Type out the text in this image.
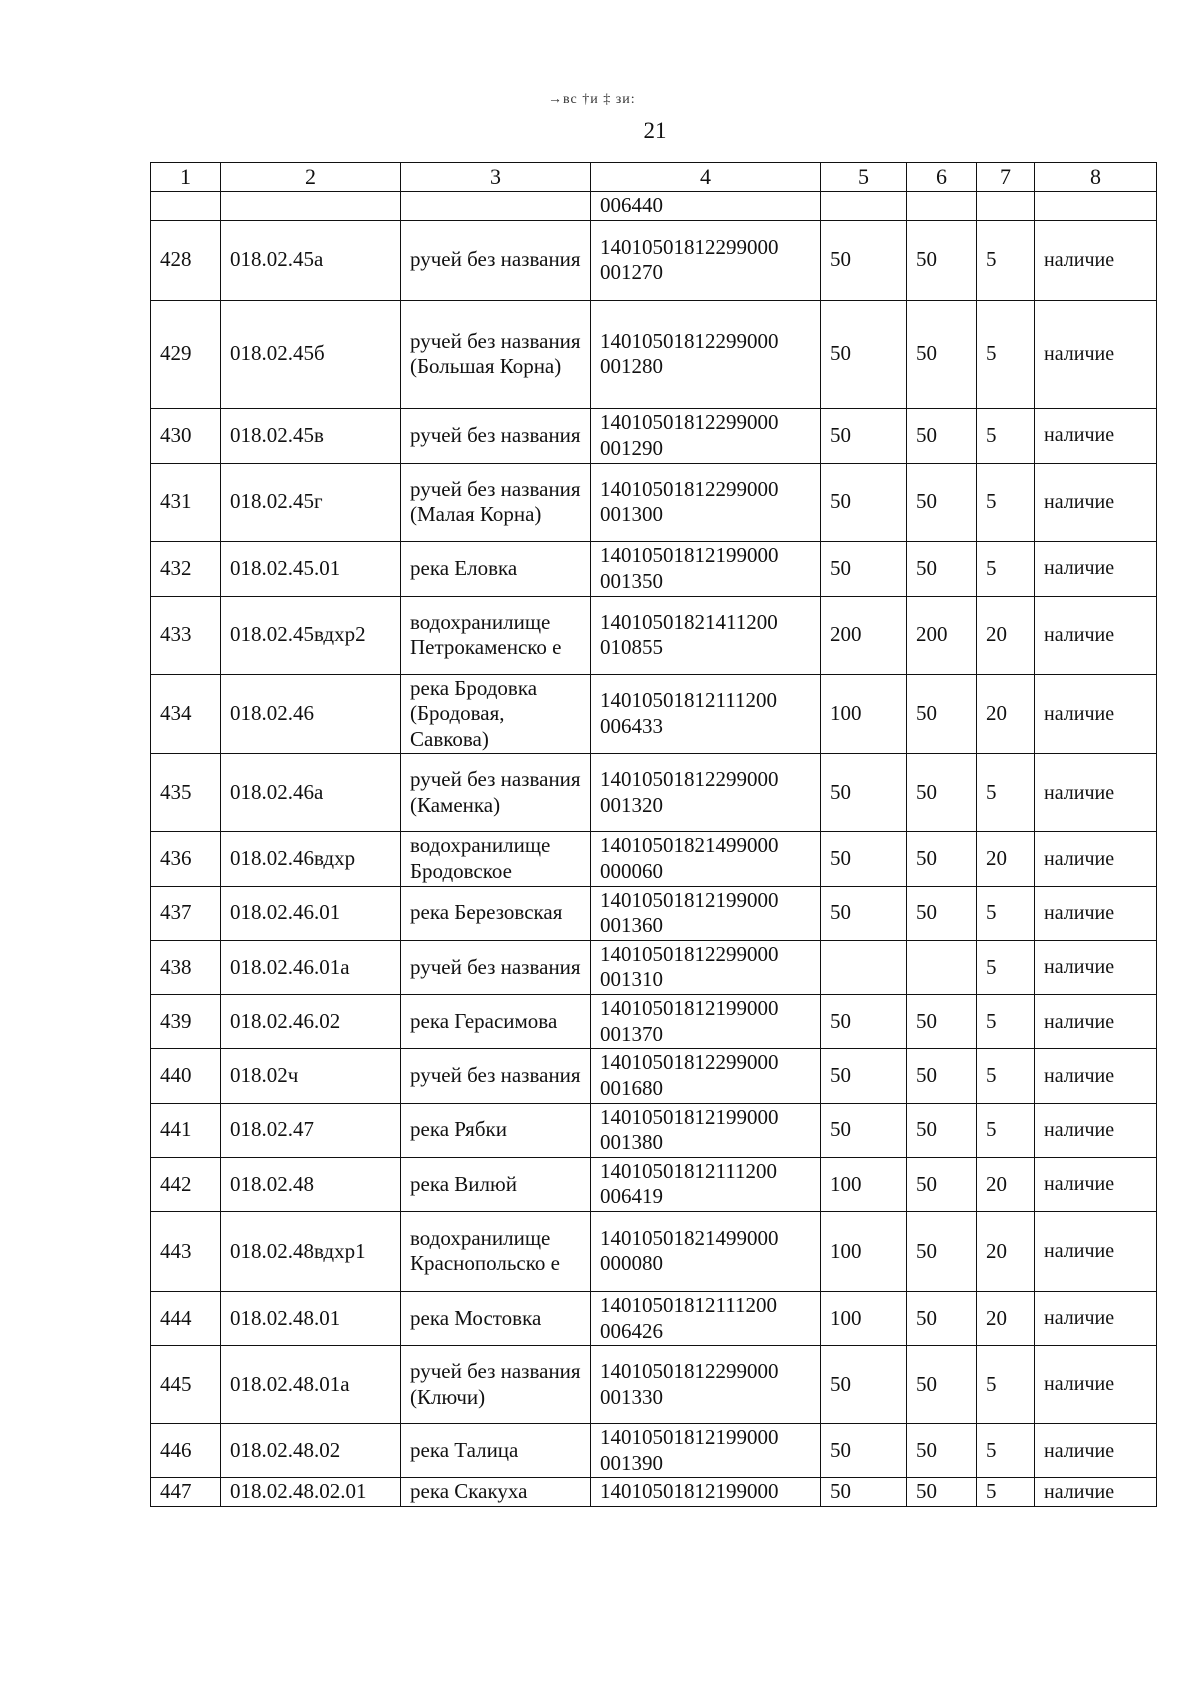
→вс †и ‡ зи:
21
1	2	3	4	5	6	7	8
			006440				
428	018.02.45а	ручей без названия	14010501812299000 001270	50	50	5	наличие
429	018.02.45б	ручей без названия (Большая Корна)	14010501812299000 001280	50	50	5	наличие
430	018.02.45в	ручей без названия	14010501812299000 001290	50	50	5	наличие
431	018.02.45г	ручей без названия (Малая Корна)	14010501812299000 001300	50	50	5	наличие
432	018.02.45.01	река Еловка	14010501812199000 001350	50	50	5	наличие
433	018.02.45вдхр2	водохранилище Петрокаменско е	14010501821411200 010855	200	200	20	наличие
434	018.02.46	река Бродовка (Бродовая, Савкова)	14010501812111200 006433	100	50	20	наличие
435	018.02.46а	ручей без названия (Каменка)	14010501812299000 001320	50	50	5	наличие
436	018.02.46вдхр	водохранилище Бродовское	14010501821499000 000060	50	50	20	наличие
437	018.02.46.01	река Березовская	14010501812199000 001360	50	50	5	наличие
438	018.02.46.01а	ручей без названия	14010501812299000 001310			5	наличие
439	018.02.46.02	река Герасимова	14010501812199000 001370	50	50	5	наличие
440	018.02ч	ручей без названия	14010501812299000 001680	50	50	5	наличие
441	018.02.47	река Рябки	14010501812199000 001380	50	50	5	наличие
442	018.02.48	река Вилюй	14010501812111200 006419	100	50	20	наличие
443	018.02.48вдхр1	водохранилище Краснопольско е	14010501821499000 000080	100	50	20	наличие
444	018.02.48.01	река Мостовка	14010501812111200 006426	100	50	20	наличие
445	018.02.48.01а	ручей без названия (Ключи)	14010501812299000 001330	50	50	5	наличие
446	018.02.48.02	река Талица	14010501812199000 001390	50	50	5	наличие
447	018.02.48.02.01	река Скакуха	14010501812199000	50	50	5	наличие
